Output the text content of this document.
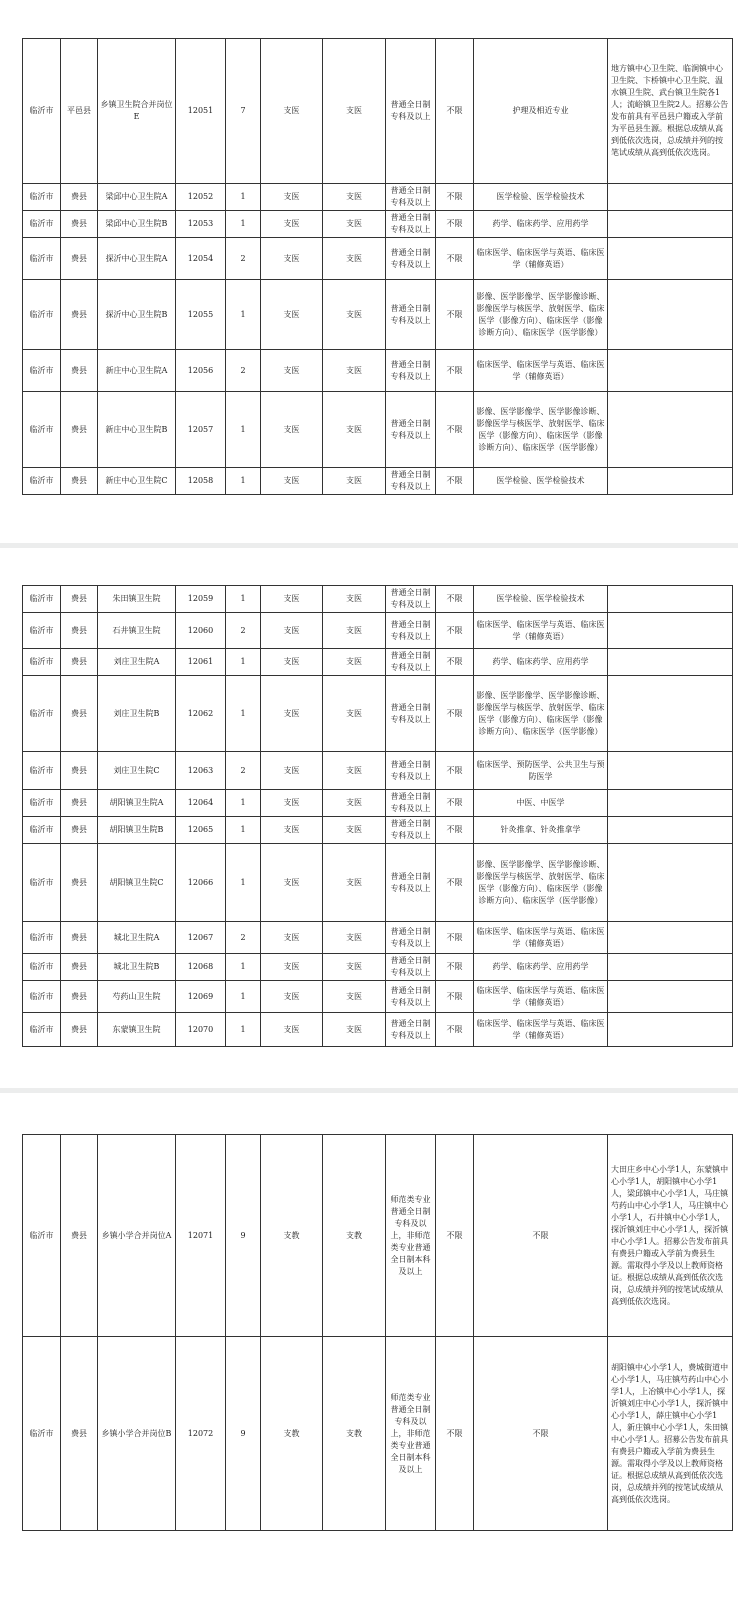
临沂市	平邑县	乡镇卫生院合并岗位E	12051	7	支医	支医	普通全日制专科及以上	不限	护理及相近专业	地方镇中心卫生院、临涧镇中心卫生院、卞桥镇中心卫生院、温水镇卫生院、武台镇卫生院各1人；流峪镇卫生院2人。招募公告发布前具有平邑县户籍或入学前为平邑县生源。根据总成绩从高到低依次选岗，总成绩并列的按笔试成绩从高到低依次选岗。
临沂市	费县	梁邱中心卫生院A	12052	1	支医	支医	普通全日制专科及以上	不限	医学检验、医学检验技术	
临沂市	费县	梁邱中心卫生院B	12053	1	支医	支医	普通全日制专科及以上	不限	药学、临床药学、应用药学	
临沂市	费县	探沂中心卫生院A	12054	2	支医	支医	普通全日制专科及以上	不限	临床医学、临床医学与英语、临床医学（辅修英语）	
临沂市	费县	探沂中心卫生院B	12055	1	支医	支医	普通全日制专科及以上	不限	影像、医学影像学、医学影像诊断、影像医学与核医学、放射医学、临床医学（影像方向）、临床医学（影像诊断方向）、临床医学（医学影像）	
临沂市	费县	新庄中心卫生院A	12056	2	支医	支医	普通全日制专科及以上	不限	临床医学、临床医学与英语、临床医学（辅修英语）	
临沂市	费县	新庄中心卫生院B	12057	1	支医	支医	普通全日制专科及以上	不限	影像、医学影像学、医学影像诊断、影像医学与核医学、放射医学、临床医学（影像方向）、临床医学（影像诊断方向）、临床医学（医学影像）	
临沂市	费县	新庄中心卫生院C	12058	1	支医	支医	普通全日制专科及以上	不限	医学检验、医学检验技术	
临沂市	费县	朱田镇卫生院	12059	1	支医	支医	普通全日制专科及以上	不限	医学检验、医学检验技术	
临沂市	费县	石井镇卫生院	12060	2	支医	支医	普通全日制专科及以上	不限	临床医学、临床医学与英语、临床医学（辅修英语）	
临沂市	费县	刘庄卫生院A	12061	1	支医	支医	普通全日制专科及以上	不限	药学、临床药学、应用药学	
临沂市	费县	刘庄卫生院B	12062	1	支医	支医	普通全日制专科及以上	不限	影像、医学影像学、医学影像诊断、影像医学与核医学、放射医学、临床医学（影像方向）、临床医学（影像诊断方向）、临床医学（医学影像）	
临沂市	费县	刘庄卫生院C	12063	2	支医	支医	普通全日制专科及以上	不限	临床医学、预防医学、公共卫生与预防医学	
临沂市	费县	胡阳镇卫生院A	12064	1	支医	支医	普通全日制专科及以上	不限	中医、中医学	
临沂市	费县	胡阳镇卫生院B	12065	1	支医	支医	普通全日制专科及以上	不限	针灸推拿、针灸推拿学	
临沂市	费县	胡阳镇卫生院C	12066	1	支医	支医	普通全日制专科及以上	不限	影像、医学影像学、医学影像诊断、影像医学与核医学、放射医学、临床医学（影像方向）、临床医学（影像诊断方向）、临床医学（医学影像）	
临沂市	费县	城北卫生院A	12067	2	支医	支医	普通全日制专科及以上	不限	临床医学、临床医学与英语、临床医学（辅修英语）	
临沂市	费县	城北卫生院B	12068	1	支医	支医	普通全日制专科及以上	不限	药学、临床药学、应用药学	
临沂市	费县	芍药山卫生院	12069	1	支医	支医	普通全日制专科及以上	不限	临床医学、临床医学与英语、临床医学（辅修英语）	
临沂市	费县	东蒙镇卫生院	12070	1	支医	支医	普通全日制专科及以上	不限	临床医学、临床医学与英语、临床医学（辅修英语）	
临沂市	费县	乡镇小学合并岗位A	12071	9	支教	支教	师范类专业普通全日制专科及以上，非师范类专业普通全日制本科及以上	不限	不限	大田庄乡中心小学1人，东蒙镇中心小学1人，胡阳镇中心小学1人，梁邱镇中心小学1人，马庄镇芍药山中心小学1人，马庄镇中心小学1人，石井镇中心小学1人，探沂镇刘庄中心小学1人，探沂镇中心小学1人。招募公告发布前具有费县户籍或入学前为费县生源。需取得小学及以上教师资格证。根据总成绩从高到低依次选岗，总成绩并列的按笔试成绩从高到低依次选岗。
临沂市	费县	乡镇小学合并岗位B	12072	9	支教	支教	师范类专业普通全日制专科及以上，非师范类专业普通全日制本科及以上	不限	不限	胡阳镇中心小学1人，费城街道中心小学1人，马庄镇芍药山中心小学1人，上冶镇中心小学1人，探沂镇刘庄中心小学1人，探沂镇中心小学1人，薛庄镇中心小学1人，新庄镇中心小学1人，朱田镇中心小学1人。招募公告发布前具有费县户籍或入学前为费县生源。需取得小学及以上教师资格证。根据总成绩从高到低依次选岗，总成绩并列的按笔试成绩从高到低依次选岗。
